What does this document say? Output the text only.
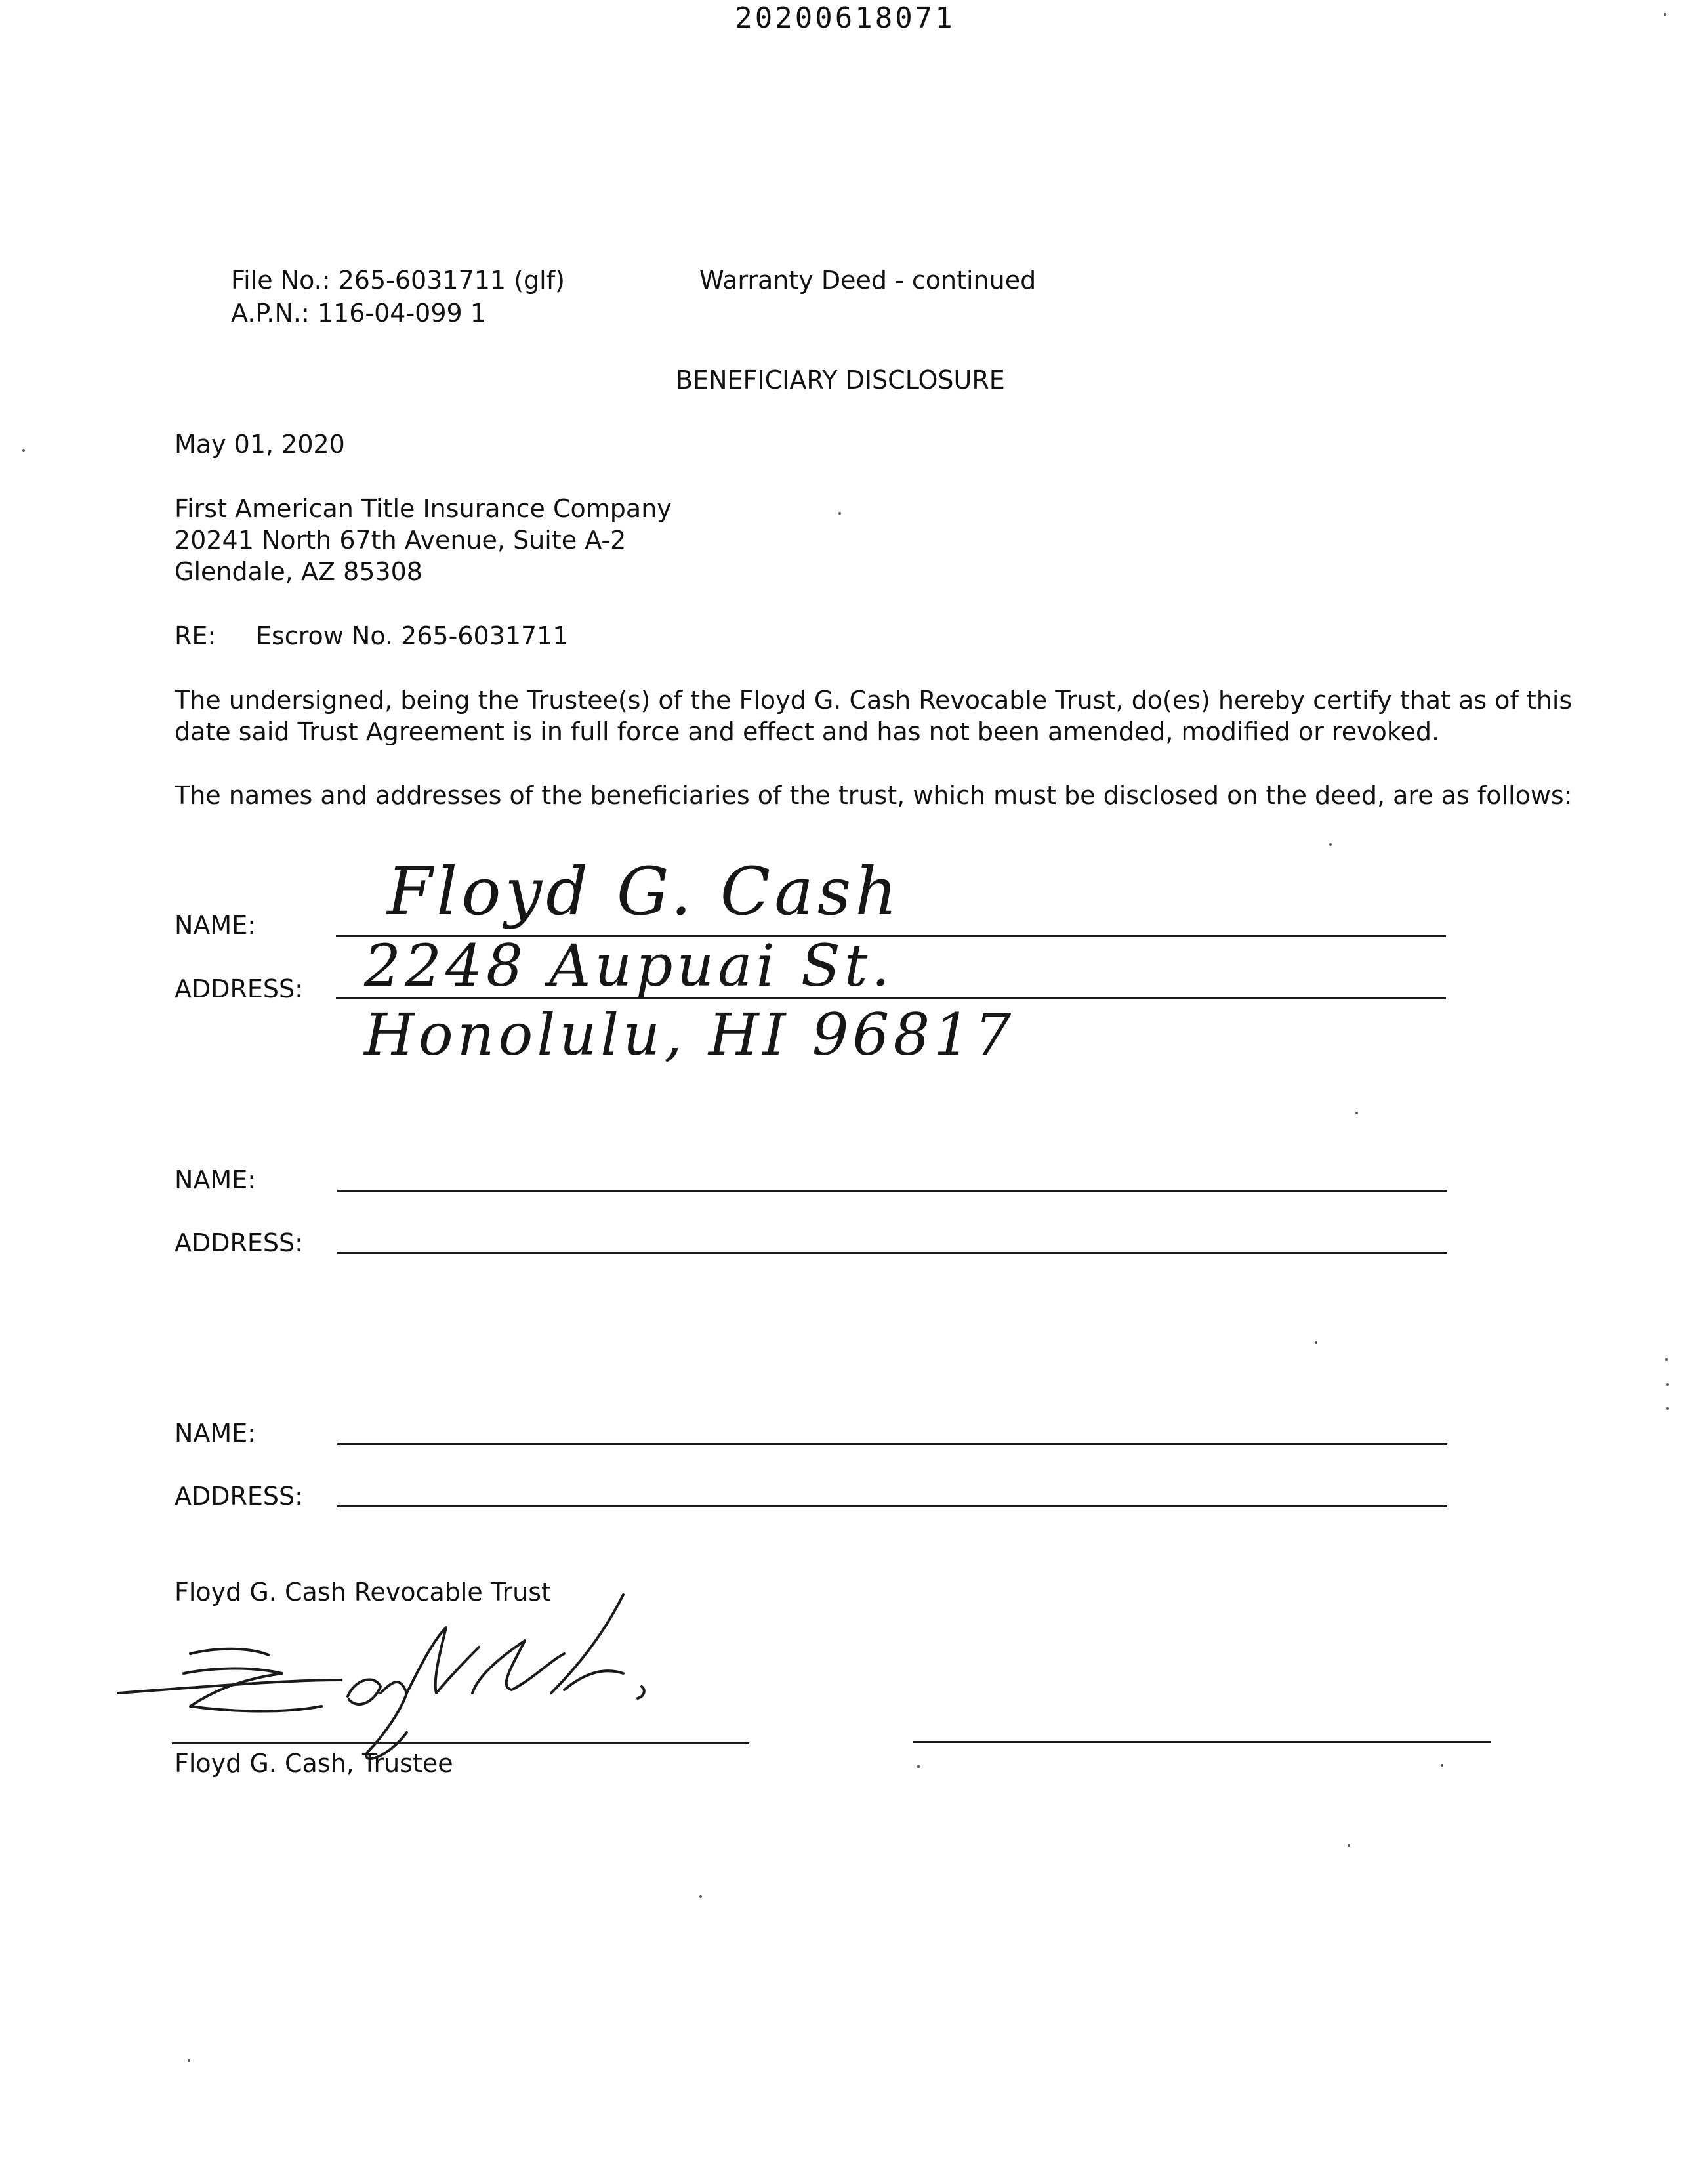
20200618071
File No.: 265-6031711 (glf)
A.P.N.: 116-04-099 1
Warranty Deed - continued
BENEFICIARY DISCLOSURE
May 01, 2020
First American Title Insurance Company
20241 North 67th Avenue, Suite A-2
Glendale, AZ 85308
RE: Escrow No. 265-6031711
The undersigned, being the Trustee(s) of the Floyd G. Cash Revocable Trust, do(es) hereby certify that as of this
date said Trust Agreement is in full force and effect and has not been amended, modified or revoked.
The names and addresses of the beneficiaries of the trust, which must be disclosed on the deed, are as follows:
NAME: Floyd G. Cash
ADDRESS: 2248 Aupuai St.
Honolulu, HI 96817
NAME:
ADDRESS:
NAME:
ADDRESS:
Floyd G. Cash Revocable Trust
Floyd G. Cash, Trustee
